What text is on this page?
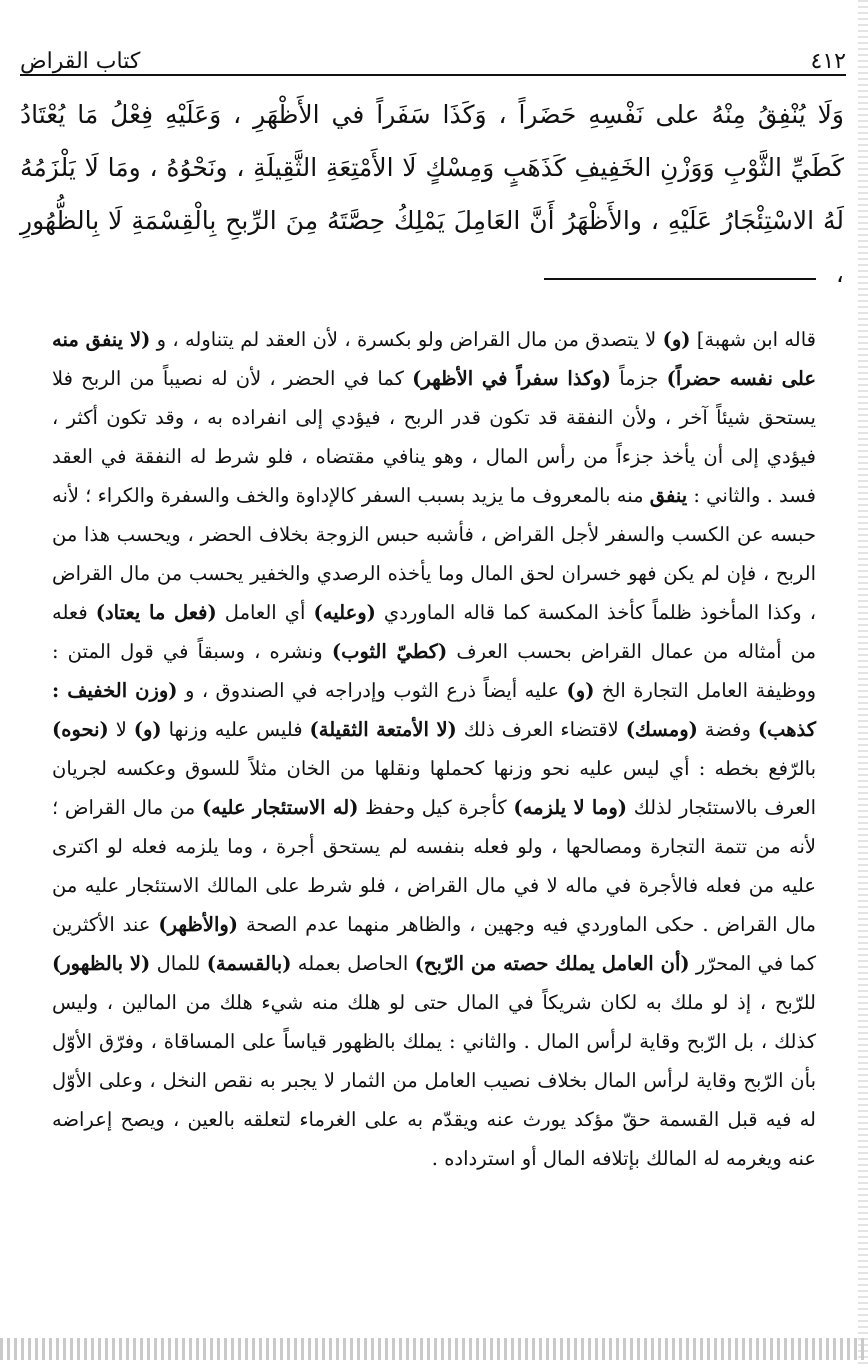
٤١٢
كتاب القراض
وَلَا يُنْفِقُ مِنْهُ على نَفْسِهِ حَضَراً ، وَكَذَا سَفَراً في الأَظْهَرِ ، وَعَلَيْهِ فِعْلُ مَا يُعْتَادُ كَطَيِّ الثَّوْبِ وَوَزْنِ الخَفِيفِ كَذَهَبٍ وَمِسْكٍ لَا الأَمْتِعَةِ الثَّقِيلَةِ ، ونَحْوُهُ ، ومَا لَا يَلْزَمُهُ لَهُ الاسْتِئْجَارُ عَلَيْهِ ، والأَظْهَرُ أَنَّ العَامِلَ يَمْلِكُ حِصَّتَهُ مِنَ الرِّبحِ بِالْقِسْمَةِ لَا بِالظُّهُورِ ،

قاله ابن شهبة] (و) لا يتصدق من مال القراض ولو بكسرة ، لأن العقد لم يتناوله ، و (لا ينفق منه على نفسه حضراً) جزماً (وكذا سفراً في الأظهر) كما في الحضر ، لأن له نصيباً من الربح فلا يستحق شيئاً آخر ، ولأن النفقة قد تكون قدر الربح ، فيؤدي إلى انفراده به ، وقد تكون أكثر ، فيؤدي إلى أن يأخذ جزءاً من رأس المال ، وهو ينافي مقتضاه ، فلو شرط له النفقة في العقد فسد . والثاني : ينفق منه بالمعروف ما يزيد بسبب السفر كالإداوة والخف والسفرة والكراء ؛ لأنه حبسه عن الكسب والسفر لأجل القراض ، فأشبه حبس الزوجة بخلاف الحضر ، ويحسب هذا من الربح ، فإن لم يكن فهو خسران لحق المال وما يأخذه الرصدي والخفير يحسب من مال القراض ، وكذا المأخوذ ظلماً كأخذ المكسة كما قاله الماوردي (وعليه) أي العامل (فعل ما يعتاد) فعله من أمثاله من عمال القراض بحسب العرف (كطيّ الثوب) ونشره ، وسبقاً في قول المتن : ووظيفة العامل التجارة الخ (و) عليه أيضاً ذرع الثوب وإدراجه في الصندوق ، و (وزن الخفيف : كذهب) وفضة (ومسك) لاقتضاء العرف ذلك (لا الأمتعة الثقيلة) فليس عليه وزنها (و) لا (نحوه) بالرّفع بخطه : أي ليس عليه نحو وزنها كحملها ونقلها من الخان مثلاً للسوق وعكسه لجريان العرف بالاستئجار لذلك (وما لا يلزمه) كأجرة كيل وحفظ (له الاستئجار عليه) من مال القراض ؛ لأنه من تتمة التجارة ومصالحها ، ولو فعله بنفسه لم يستحق أجرة ، وما يلزمه فعله لو اكترى عليه من فعله فالأجرة في ماله لا في مال القراض ، فلو شرط على المالك الاستئجار عليه من مال القراض . حكى الماوردي فيه وجهين ، والظاهر منهما عدم الصحة (والأظهر) عند الأكثرين كما في المحرّر (أن العامل يملك حصته من الرّبح) الحاصل بعمله (بالقسمة) للمال (لا بالظهور) للرّبح ، إذ لو ملك به لكان شريكاً في المال حتى لو هلك منه شيء هلك من المالين ، وليس كذلك ، بل الرّبح وقاية لرأس المال . والثاني : يملك بالظهور قياساً على المساقاة ، وفرّق الأوّل بأن الرّبح وقاية لرأس المال بخلاف نصيب العامل من الثمار لا يجبر به نقص النخل ، وعلى الأوّل له فيه قبل القسمة حقّ مؤكد يورث عنه ويقدّم به على الغرماء لتعلقه بالعين ، ويصح إعراضه عنه ويغرمه له المالك بإتلافه المال أو استرداده .
